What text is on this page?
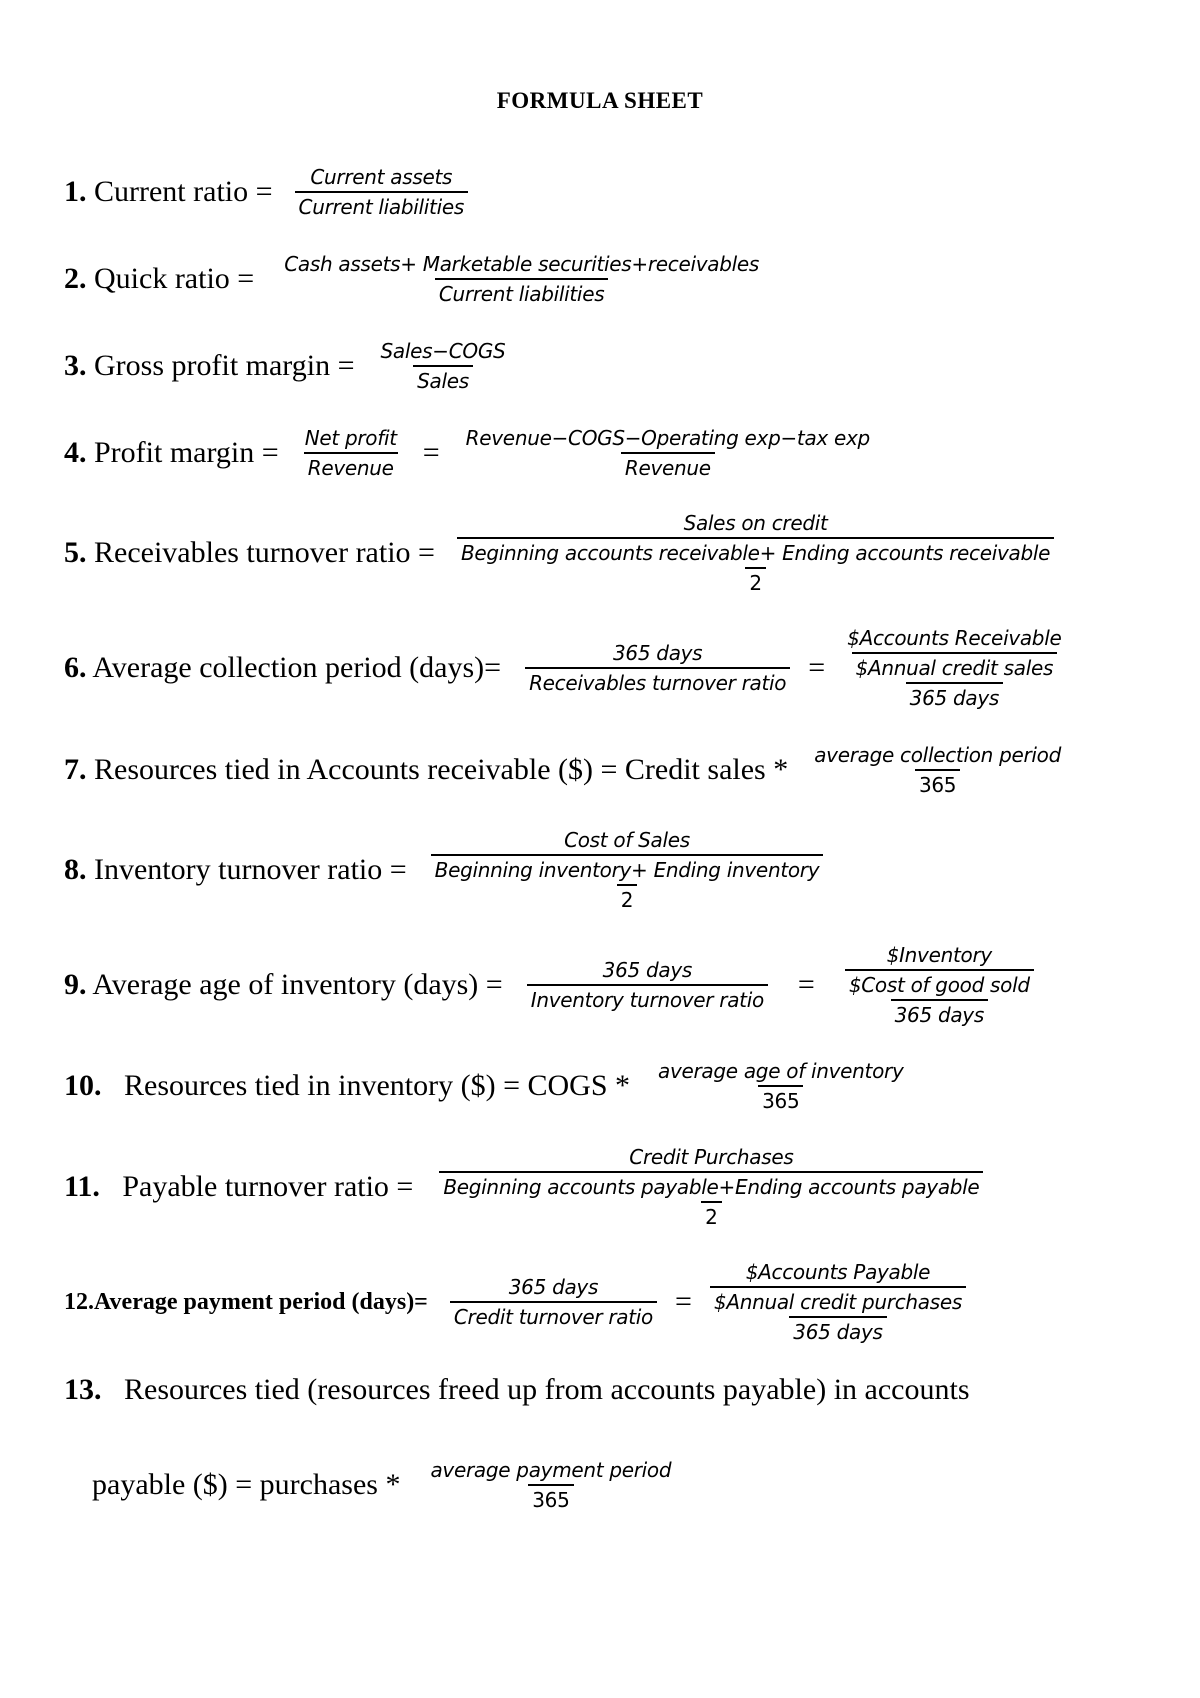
FORMULA SHEET
1. Current ratio = $\frac{\text{Current assets}}{\text{Current liabilities}}$
2. Quick ratio = $\frac{\text{Cash assets+ Marketable securities+receivables}}{\text{Current liabilities}}$
3. Gross profit margin = $\frac{\text{Sales−COGS}}{\text{Sales}}$
4. Profit margin = $\frac{\text{Net profit}}{\text{Revenue}} = \frac{\text{Revenue−COGS−Operating exp−tax exp}}{\text{Revenue}}$
5. Receivables turnover ratio = Sales on credit
Beginning accounts receivable+ Ending accounts receivable
2
6. Average collection period (days)= $\frac{\text{365 days}}{\text{Receivables turnover ratio}}$ = $Accounts Receivable
$Annual credit sales
365 days
7. Resources tied in Accounts receivable ($) = Credit sales * $\frac{\text{average collection period}}{365}$
8. Inventory turnover ratio = Cost of Sales
Beginning inventory+ Ending inventory
2
9. Average age of inventory (days) = $\frac{\text{365 days}}{\text{Inventory turnover ratio}}$ = $Inventory
$Cost of good sold
365 days
10. Resources tied in inventory ($) = COGS * $\frac{\text{average age of inventory}}{365}$
11. Payable turnover ratio = Credit Purchases
Beginning accounts payable+Ending accounts payable
2
12.Average payment period (days)= $\frac{\text{365 days}}{\text{Credit turnover ratio}}$ = $Accounts Payable
$Annual credit purchases
365 days
13. Resources tied (resources freed up from accounts payable) in accounts
payable ($) = purchases * $\frac{\text{average payment period}}{365}$
